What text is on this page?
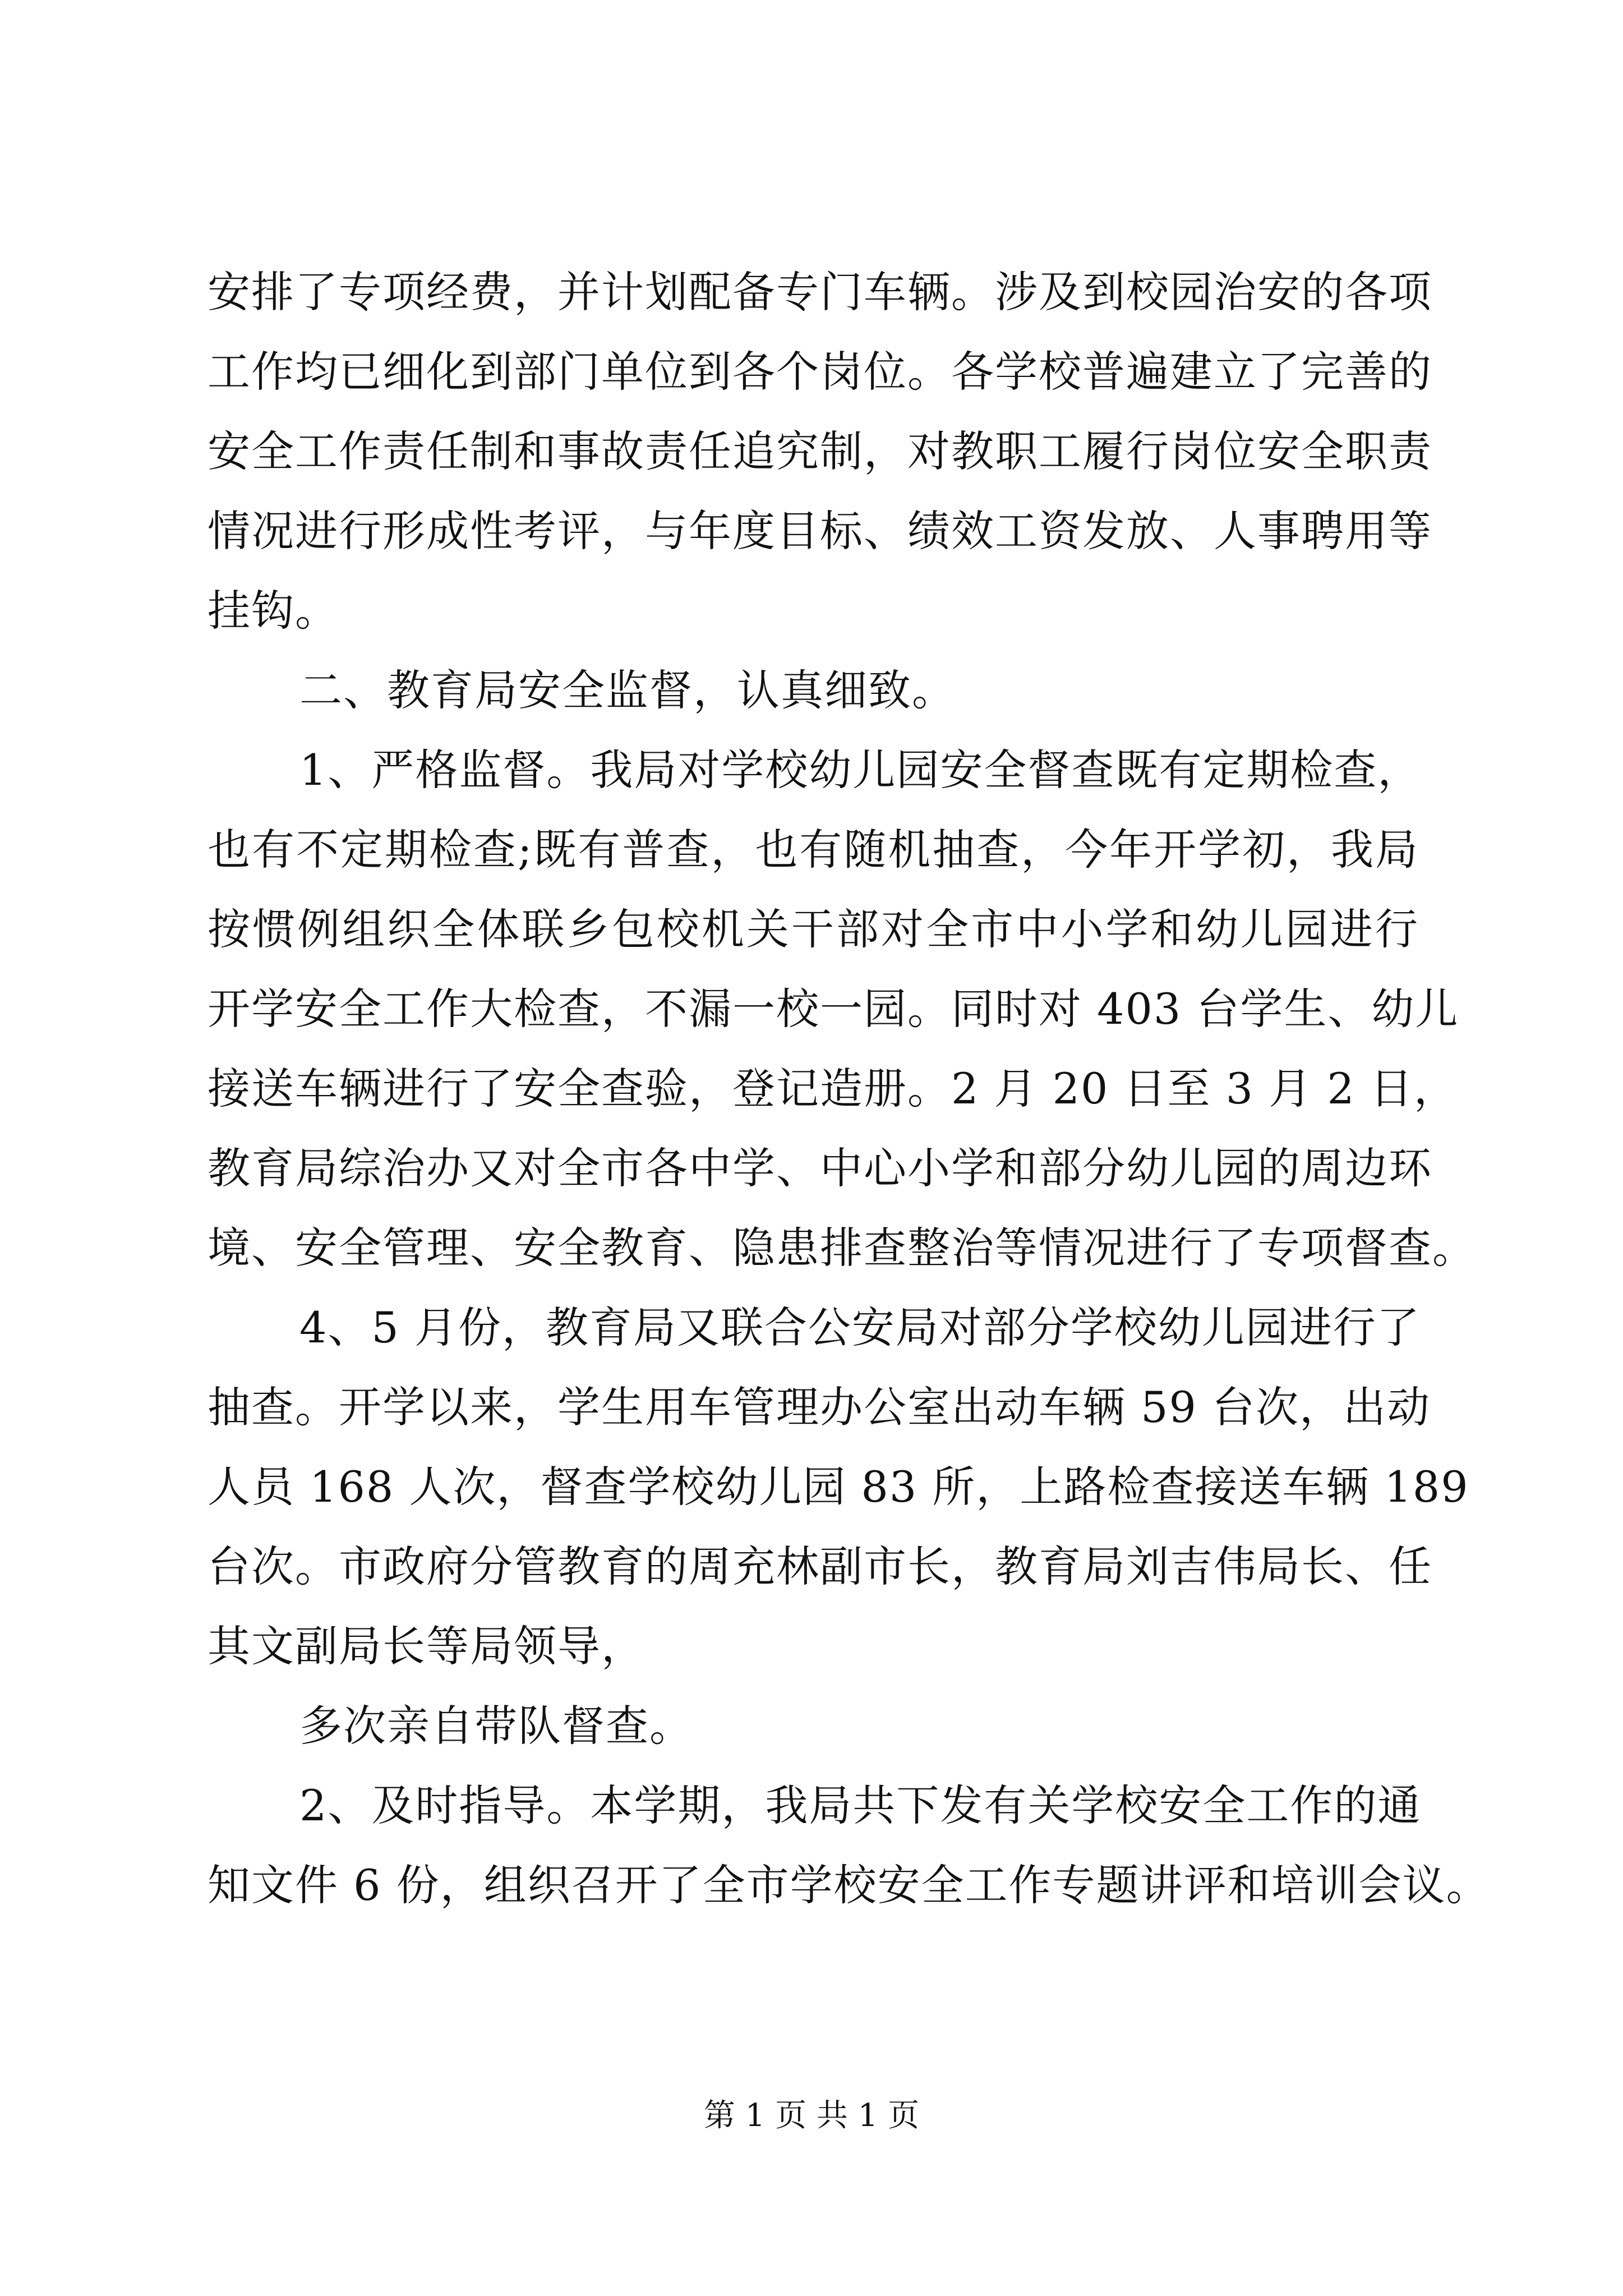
安排了专项经费，并计划配备专门车辆。涉及到校园治安的各项
工作均已细化到部门单位到各个岗位。各学校普遍建立了完善的
安全工作责任制和事故责任追究制，对教职工履行岗位安全职责
情况进行形成性考评，与年度目标、绩效工资发放、人事聘用等
挂钩。
二、教育局安全监督，认真细致。
1、严格监督。我局对学校幼儿园安全督查既有定期检查，
也有不定期检查;既有普查，也有随机抽查，今年开学初，我局
按惯例组织全体联乡包校机关干部对全市中小学和幼儿园进行
开学安全工作大检查，不漏一校一园。同时对 403 台学生、幼儿
接送车辆进行了安全查验，登记造册。2 月 20 日至 3 月 2 日，
教育局综治办又对全市各中学、中心小学和部分幼儿园的周边环
境、安全管理、安全教育、隐患排查整治等情况进行了专项督查。
4、5 月份，教育局又联合公安局对部分学校幼儿园进行了
抽查。开学以来，学生用车管理办公室出动车辆 59 台次，出动
人员 168 人次，督查学校幼儿园 83 所，上路检查接送车辆 189
台次。市政府分管教育的周充林副市长，教育局刘吉伟局长、任
其文副局长等局领导，
多次亲自带队督查。
2、及时指导。本学期，我局共下发有关学校安全工作的通
知文件 6 份，组织召开了全市学校安全工作专题讲评和培训会议。
第 1 页 共 1 页
